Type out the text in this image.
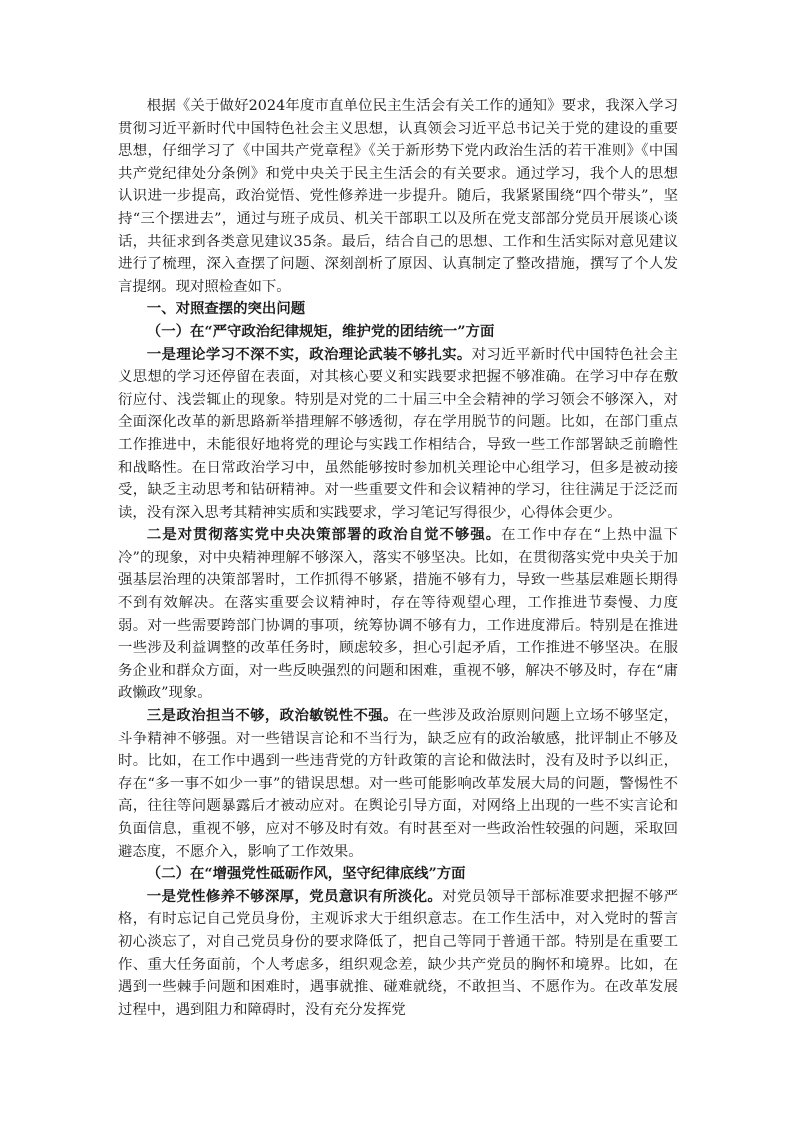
根据《关于做好2024年度市直单位民主生活会有关工作的通知》要求，我深入学习贯彻习近平新时代中国特色社会主义思想，认真领会习近平总书记关于党的建设的重要思想，仔细学习了《中国共产党章程》《关于新形势下党内政治生活的若干准则》《中国共产党纪律处分条例》和党中央关于民主生活会的有关要求。通过学习，我个人的思想认识进一步提高，政治觉悟、党性修养进一步提升。随后，我紧紧围绕“四个带头”，坚持“三个摆进去”，通过与班子成员、机关干部职工以及所在党支部部分党员开展谈心谈话，共征求到各类意见建议35条。最后，结合自己的思想、工作和生活实际对意见建议进行了梳理，深入查摆了问题、深刻剖析了原因、认真制定了整改措施，撰写了个人发言提纲。现对照检查如下。

一、对照查摆的突出问题

（一）在“严守政治纪律规矩，维护党的团结统一”方面

一是理论学习不深不实，政治理论武装不够扎实。对习近平新时代中国特色社会主义思想的学习还停留在表面，对其核心要义和实践要求把握不够准确。在学习中存在敷衍应付、浅尝辄止的现象。特别是对党的二十届三中全会精神的学习领会不够深入，对全面深化改革的新思路新举措理解不够透彻，存在学用脱节的问题。比如，在部门重点工作推进中，未能很好地将党的理论与实践工作相结合，导致一些工作部署缺乏前瞻性和战略性。在日常政治学习中，虽然能够按时参加机关理论中心组学习，但多是被动接受，缺乏主动思考和钻研精神。对一些重要文件和会议精神的学习，往往满足于泛泛而读，没有深入思考其精神实质和实践要求，学习笔记写得很少，心得体会更少。

二是对贯彻落实党中央决策部署的政治自觉不够强。在工作中存在“上热中温下冷”的现象，对中央精神理解不够深入，落实不够坚决。比如，在贯彻落实党中央关于加强基层治理的决策部署时，工作抓得不够紧，措施不够有力，导致一些基层难题长期得不到有效解决。在落实重要会议精神时，存在等待观望心理，工作推进节奏慢、力度弱。对一些需要跨部门协调的事项，统筹协调不够有力，工作进度滞后。特别是在推进一些涉及利益调整的改革任务时，顾虑较多，担心引起矛盾，工作推进不够坚决。在服务企业和群众方面，对一些反映强烈的问题和困难，重视不够，解决不够及时，存在“庸政懒政”现象。

三是政治担当不够，政治敏锐性不强。在一些涉及政治原则问题上立场不够坚定，斗争精神不够强。对一些错误言论和不当行为，缺乏应有的政治敏感，批评制止不够及时。比如，在工作中遇到一些违背党的方针政策的言论和做法时，没有及时予以纠正，存在“多一事不如少一事”的错误思想。对一些可能影响改革发展大局的问题，警惕性不高，往往等问题暴露后才被动应对。在舆论引导方面，对网络上出现的一些不实言论和负面信息，重视不够，应对不够及时有效。有时甚至对一些政治性较强的问题，采取回避态度，不愿介入，影响了工作效果。

（二）在“增强党性砥砺作风，坚守纪律底线”方面

一是党性修养不够深厚，党员意识有所淡化。对党员领导干部标准要求把握不够严格，有时忘记自己党员身份，主观诉求大于组织意志。在工作生活中，对入党时的誓言初心淡忘了，对自己党员身份的要求降低了，把自己等同于普通干部。特别是在重要工作、重大任务面前，个人考虑多，组织观念差，缺少共产党员的胸怀和境界。比如，在遇到一些棘手问题和困难时，遇事就推、碰难就绕，不敢担当、不愿作为。在改革发展过程中，遇到阻力和障碍时，没有充分发挥党
